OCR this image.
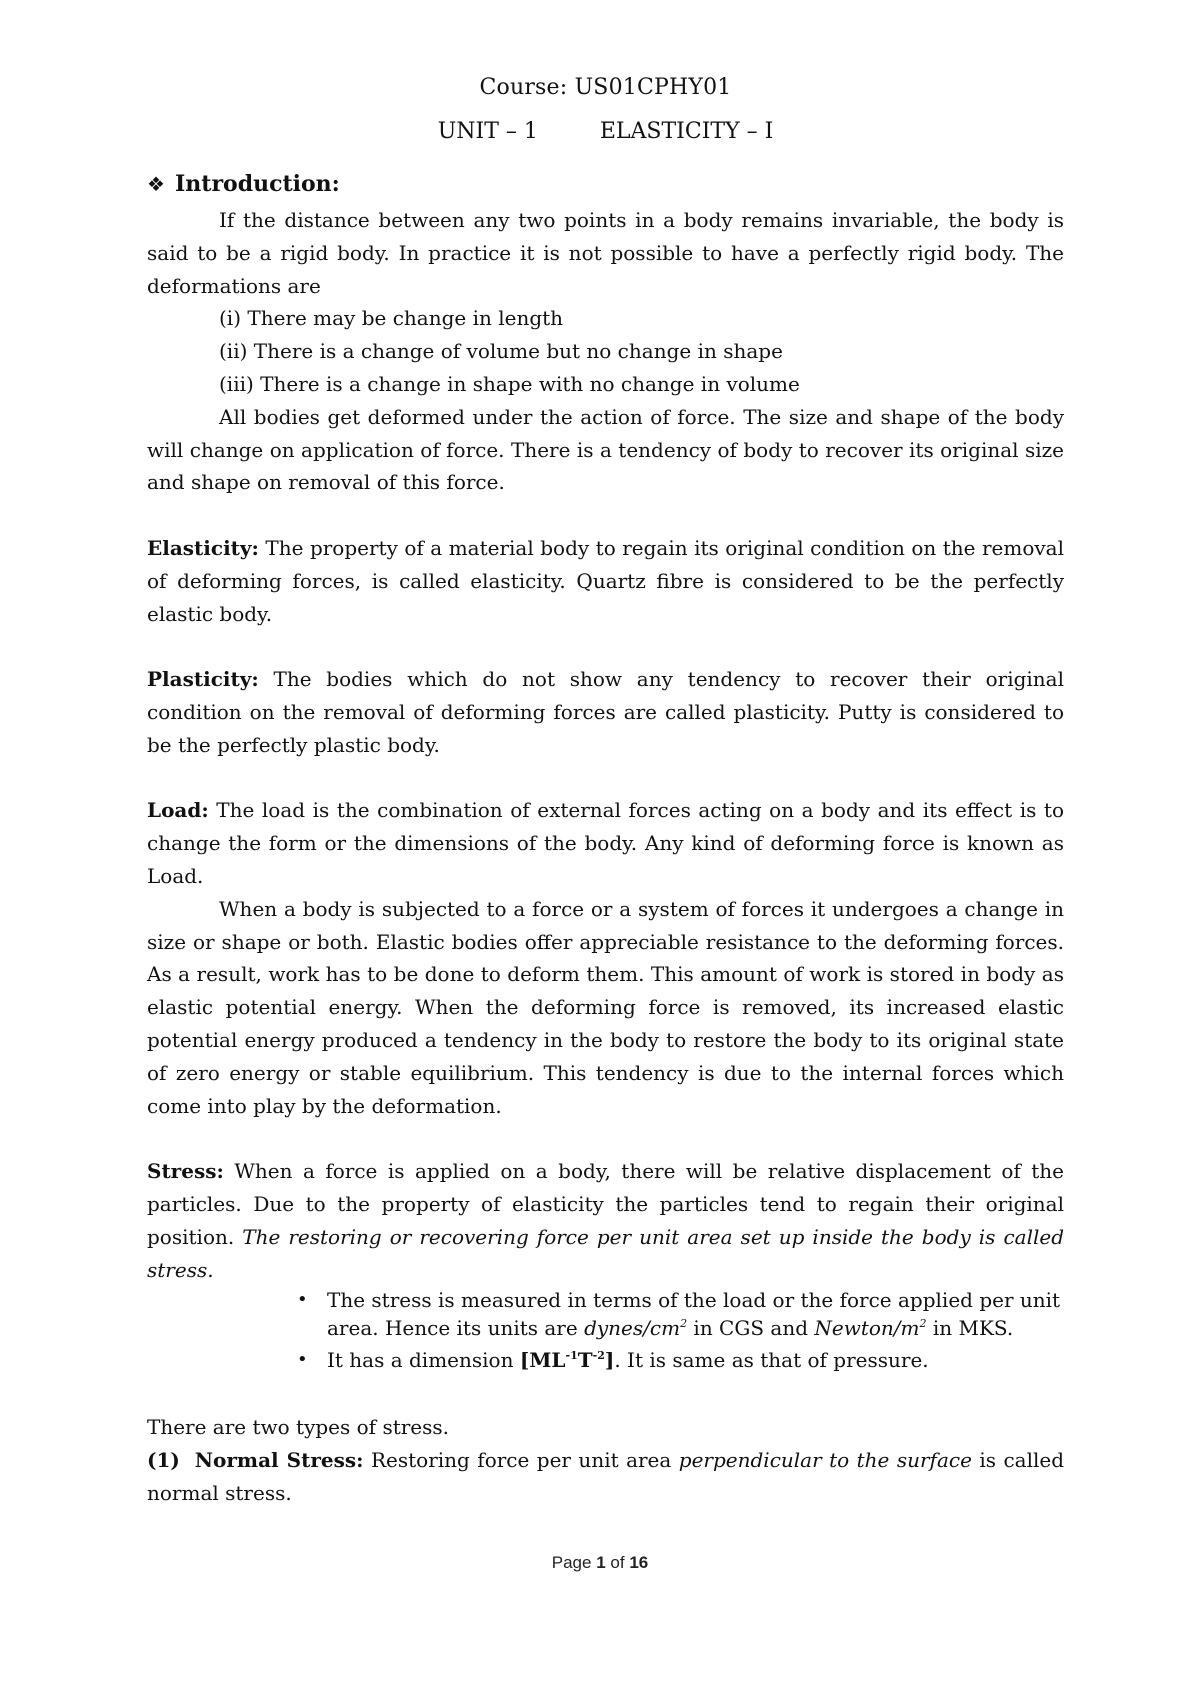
Course: US01CPHY01
UNIT – 1	ELASTICITY – I
❖ Introduction:

If the distance between any two points in a body remains invariable, the body is said to be a rigid body. In practice it is not possible to have a perfectly rigid body. The deformations are

(i) There may be change in length

(ii) There is a change of volume but no change in shape

(iii) There is a change in shape with no change in volume

All bodies get deformed under the action of force. The size and shape of the body will change on application of force. There is a tendency of body to recover its original size and shape on removal of this force.

Elasticity: The property of a material body to regain its original condition on the removal of deforming forces, is called elasticity. Quartz fibre is considered to be the perfectly elastic body.

Plasticity: The bodies which do not show any tendency to recover their original condition on the removal of deforming forces are called plasticity. Putty is considered to be the perfectly plastic body.

Load: The load is the combination of external forces acting on a body and its effect is to change the form or the dimensions of the body. Any kind of deforming force is known as Load.

When a body is subjected to a force or a system of forces it undergoes a change in size or shape or both. Elastic bodies offer appreciable resistance to the deforming forces. As a result, work has to be done to deform them. This amount of work is stored in body as elastic potential energy. When the deforming force is removed, its increased elastic potential energy produced a tendency in the body to restore the body to its original state of zero energy or stable equilibrium. This tendency is due to the internal forces which come into play by the deformation.

Stress: When a force is applied on a body, there will be relative displacement of the particles. Due to the property of elasticity the particles tend to regain their original position. The restoring or recovering force per unit area set up inside the body is called stress.

• The stress is measured in terms of the load or the force applied per unit area. Hence its units are dynes/$cm^2$ in CGS and Newton/$m^2$ in MKS.
• It has a dimension $[ML^{-1}T^{-2}]$. It is same as that of pressure.

There are two types of stress.

(1) Normal Stress: Restoring force per unit area perpendicular to the surface is called normal stress.

Page 1 of 16
